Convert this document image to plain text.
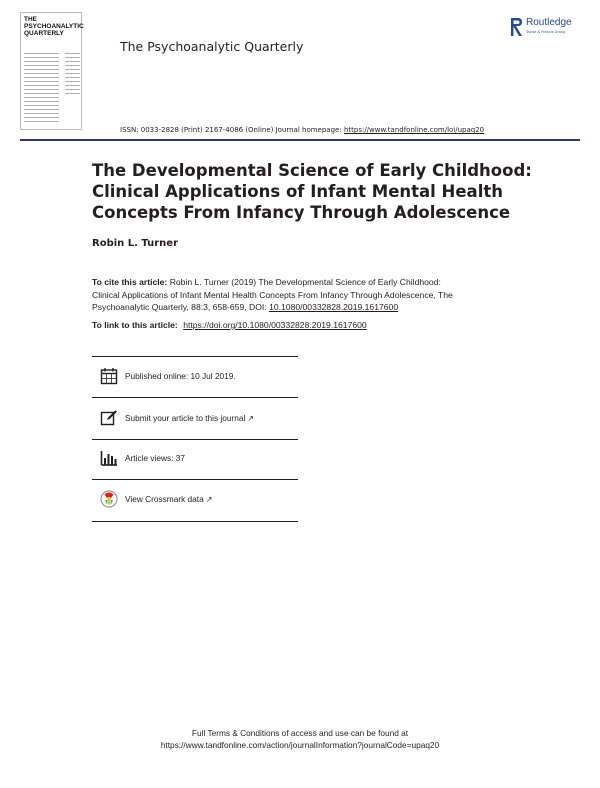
THE
PSYCHOANALYTIC
QUARTERLY
The Psychoanalytic Quarterly
Routledge
Taylor & Francis Group
ISSN: 0033-2828 (Print) 2167-4086 (Online) Journal homepage: https://www.tandfonline.com/loi/upaq20
The Developmental Science of Early Childhood:
Clinical Applications of Infant Mental Health
Concepts From Infancy Through Adolescence
Robin L. Turner
To cite this article: Robin L. Turner (2019) The Developmental Science of Early Childhood:
Clinical Applications of Infant Mental Health Concepts From Infancy Through Adolescence, The
Psychoanalytic Quarterly, 88:3, 658-659, DOI: 10.1080/00332828.2019.1617600
To link to this article: https://doi.org/10.1080/00332828.2019.1617600
Published online: 10 Jul 2019.
Submit your article to this journal ↗
Article views: 37
View Crossmark data ↗
Full Terms & Conditions of access and use can be found at
https://www.tandfonline.com/action/journalInformation?journalCode=upaq20
